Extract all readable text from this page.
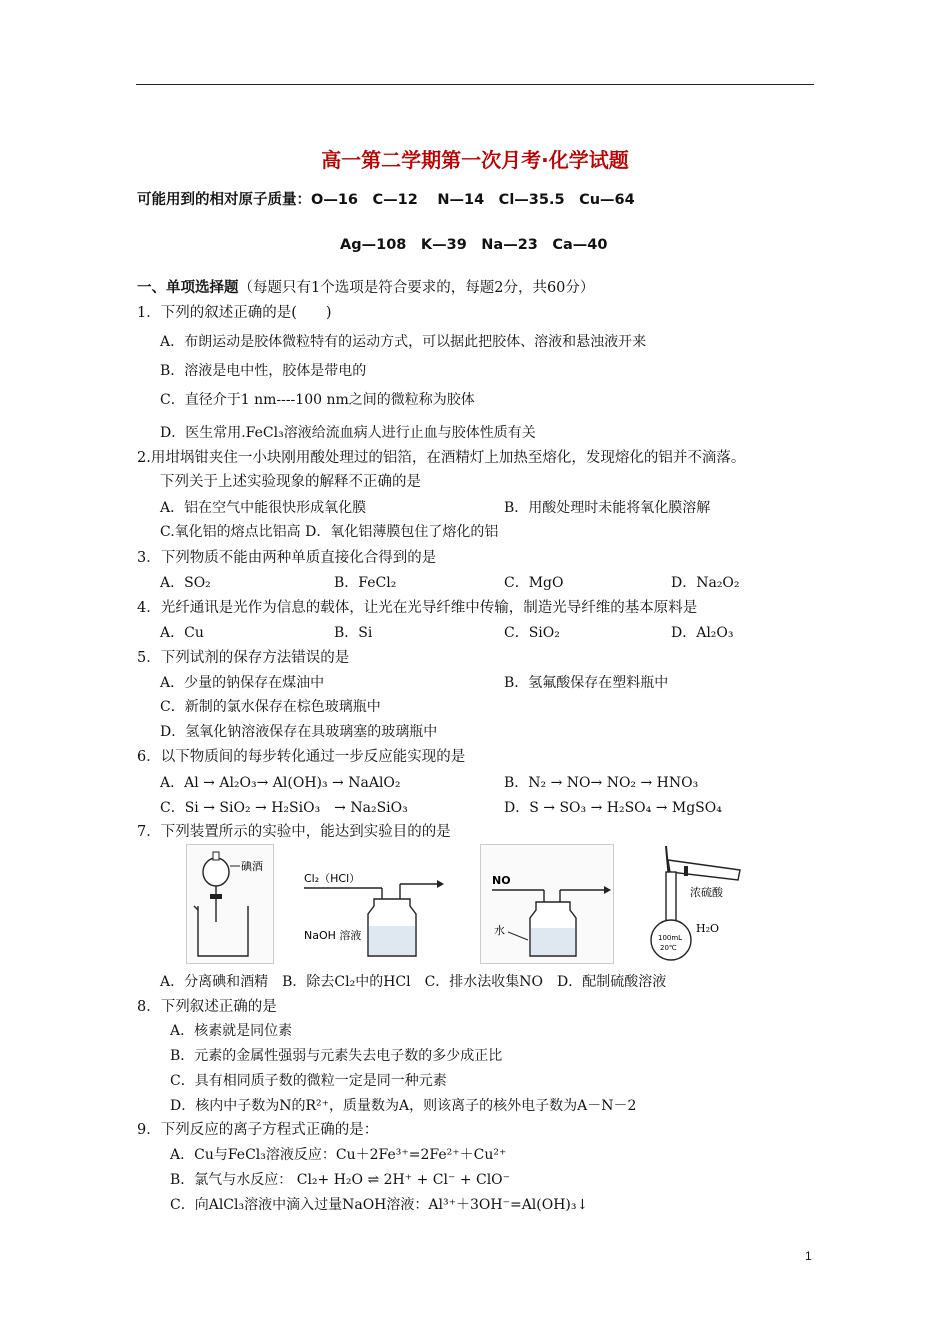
高一第二学期第一次月考·化学试题
可能用到的相对原子质量：O—16　C—12　 N—14　Cl—35.5　Cu—64
Ag—108　K—39　Na—23　Ca—40
一、单项选择题（每题只有1个选项是符合要求的，每题2分，共60分）
1．下列的叙述正确的是(　　)
A．布朗运动是胶体微粒特有的运动方式，可以据此把胶体、溶液和悬浊液开来
B．溶液是电中性，胶体是带电的
C．直径介于1 nm----100 nm之间的微粒称为胶体
D．医生常用.FeCl₃溶液给流血病人进行止血与胶体性质有关
2.用坩埚钳夹住一小块刚用酸处理过的铝箔，在酒精灯上加热至熔化，发现熔化的铝并不滴落。
下列关于上述实验现象的解释不正确的是
A．铝在空气中能很快形成氧化膜	B．用酸处理时未能将氧化膜溶解
C.氧化铝的熔点比铝高 D．氧化铝薄膜包住了熔化的铝
3．下列物质不能由两种单质直接化合得到的是
A．SO₂	B．FeCl₂	C．MgO	D．Na₂O₂
4．光纤通讯是光作为信息的载体，让光在光导纤维中传输，制造光导纤维的基本原料是
A．Cu	B．Si	C．SiO₂	D．Al₂O₃
5．下列试剂的保存方法错误的是
A．少量的钠保存在煤油中	B．氢氟酸保存在塑料瓶中
C．新制的氯水保存在棕色玻璃瓶中
D．氢氧化钠溶液保存在具玻璃塞的玻璃瓶中
6．以下物质间的每步转化通过一步反应能实现的是
A．Al → Al₂O₃→ Al(OH)₃ → NaAlO₂	B．N₂ → NO→ NO₂ → HNO₃
C．Si → SiO₂ → H₂SiO₃　→ Na₂SiO₃	D．S → SO₃ → H₂SO₄ → MgSO₄
7．下列装置所示的实验中，能达到实验目的的是
碘酒
Cl₂（HCl）
NaOH 溶液
NO
水
浓硫酸
100mL
20℃
H₂O
A．分离碘和酒精　B．除去Cl₂中的HCl　C．排水法收集NO　D．配制硫酸溶液
8．下列叙述正确的是
A．核素就是同位素
B．元素的金属性强弱与元素失去电子数的多少成正比
C．具有相同质子数的微粒一定是同一种元素
D．核内中子数为N的R²⁺，质量数为A，则该离子的核外电子数为A－N－2
9．下列反应的离子方程式正确的是：
A．Cu与FeCl₃溶液反应：Cu＋2Fe³⁺=2Fe²⁺＋Cu²⁺
B．氯气与水反应： Cl₂+ H₂O ⇌ 2H⁺ + Cl⁻ + ClO⁻
C．向AlCl₃溶液中滴入过量NaOH溶液：Al³⁺＋3OH⁻=Al(OH)₃↓
1
